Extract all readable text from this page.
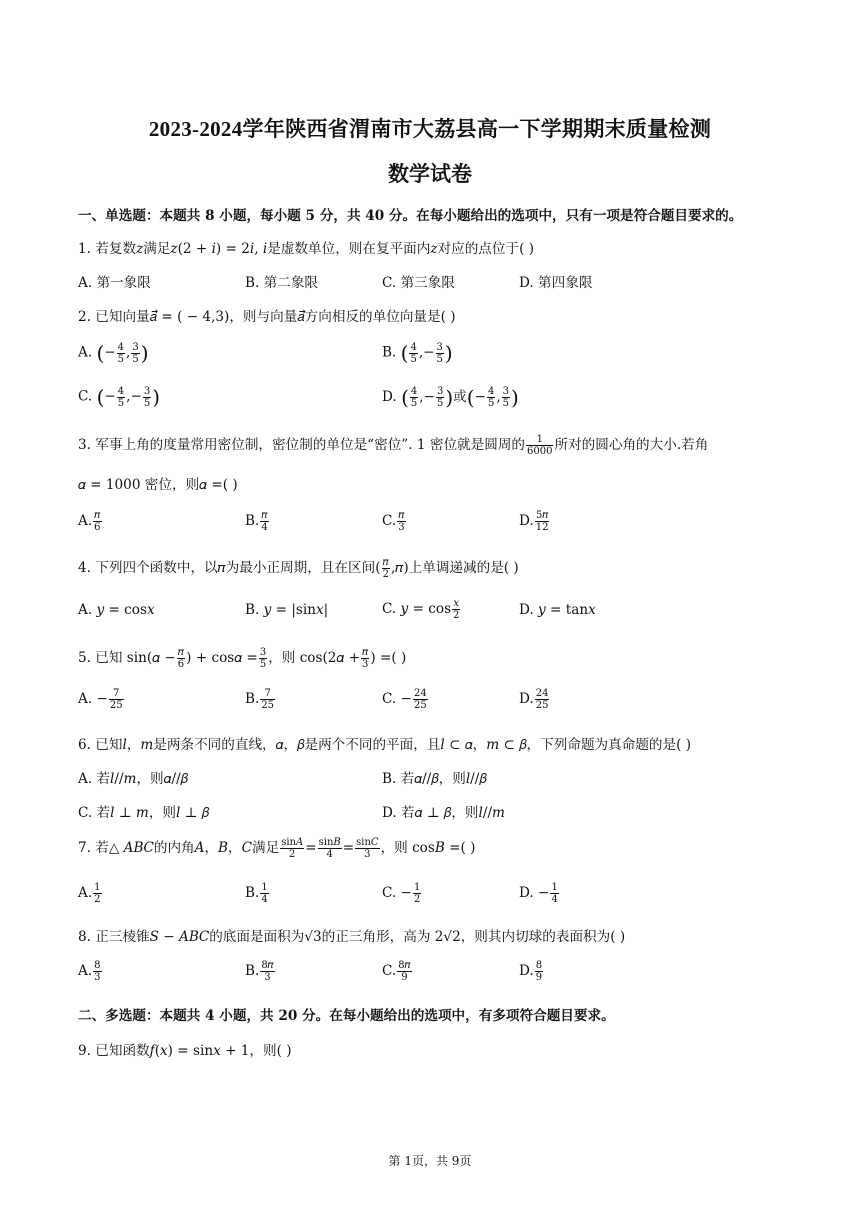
2023-2024学年陕西省渭南市大荔县高一下学期期末质量检测
数学试卷
一、单选题：本题共 8 小题，每小题 5 分，共 40 分。在每小题给出的选项中，只有一项是符合题目要求的。
1. 若复数𝑧满足𝑧(2 + 𝑖) = 2𝑖, 𝑖是虚数单位，则在复平面内𝑧对应的点位于( )
A. 第一象限	B. 第二象限	C. 第三象限	D. 第四象限
2. 已知向量𝑎⃗ = ( − 4,3)，则与向量𝑎⃗方向相反的单位向量是( )
A. (− $\frac{4}{5}$ , $\frac{3}{5}$ )	B. ( $\frac{4}{5}$ ,− $\frac{3}{5}$ )
C. (− $\frac{4}{5}$ ,− $\frac{3}{5}$ )	D. ( $\frac{4}{5}$ ,− $\frac{3}{5}$ )或(− $\frac{4}{5}$ , $\frac{3}{5}$ )
3. 军事上角的度量常用密位制，密位制的单位是“密位”. 1 密位就是圆周的 $\frac{1}{6000}$ 所对的圆心角的大小.若角
𝛼 = 1000 密位，则𝛼 =( )
A. $\frac{\text{𝜋}}{6}$	B. $\frac{\text{𝜋}}{4}$	C. $\frac{\text{𝜋}}{3}$	D. $\frac{\text{5𝜋}}{12}$
4. 下列四个函数中，以𝜋为最小正周期，且在区间( $\frac{\text{𝜋}}{2}$ ,𝜋)上单调递减的是( )
A. 𝑦 = cos𝑥	B. 𝑦 = |sin𝑥|	C. 𝑦 = $\cos \frac{\text{𝑥}}{2}$	D. 𝑦 = tan𝑥
5. 已知 sin(𝛼 − $\frac{\text{𝜋}}{6}$ ) + cos𝛼 = $\frac{3}{5}$ ，则 cos(2𝛼 + $\frac{\text{𝜋}}{3}$ ) =( )
A. − $\frac{7}{25}$	B. $\frac{7}{25}$	C. − $\frac{24}{25}$	D. $\frac{24}{25}$
6. 已知𝑙，𝑚是两条不同的直线，𝛼，𝛽是两个不同的平面，且𝑙 ⊂ 𝛼，𝑚 ⊂ 𝛽，下列命题为真命题的是( )
A. 若𝑙//𝑚，则𝛼//𝛽	B. 若𝛼//𝛽，则𝑙//𝛽
C. 若𝑙 ⊥ 𝑚，则𝑙 ⊥ 𝛽	D. 若𝛼 ⊥ 𝛽，则𝑙//𝑚
7. 若△ 𝐴𝐵𝐶的内角𝐴，𝐵，𝐶满足 $\frac{\text{sin𝐴}}{2} = \frac{\text{sin𝐵}}{4} = \frac{\text{sin𝐶}}{3}$ ，则 cos𝐵 =( )
A. $\frac{1}{2}$	B. $\frac{1}{4}$	C. − $\frac{1}{2}$	D. − $\frac{1}{4}$
8. 正三棱锥𝑆 − 𝐴𝐵𝐶的底面是面积为√3的正三角形，高为 2√2，则其内切球的表面积为( )
A. $\frac{8}{3}$	B. $\frac{\text{8𝜋}}{3}$	C. $\frac{\text{8𝜋}}{9}$	D. $\frac{8}{9}$
二、多选题：本题共 4 小题，共 20 分。在每小题给出的选项中，有多项符合题目要求。
9. 已知函数𝑓(𝑥) = sin𝑥 + 1，则( )
第 1页，共 9页
